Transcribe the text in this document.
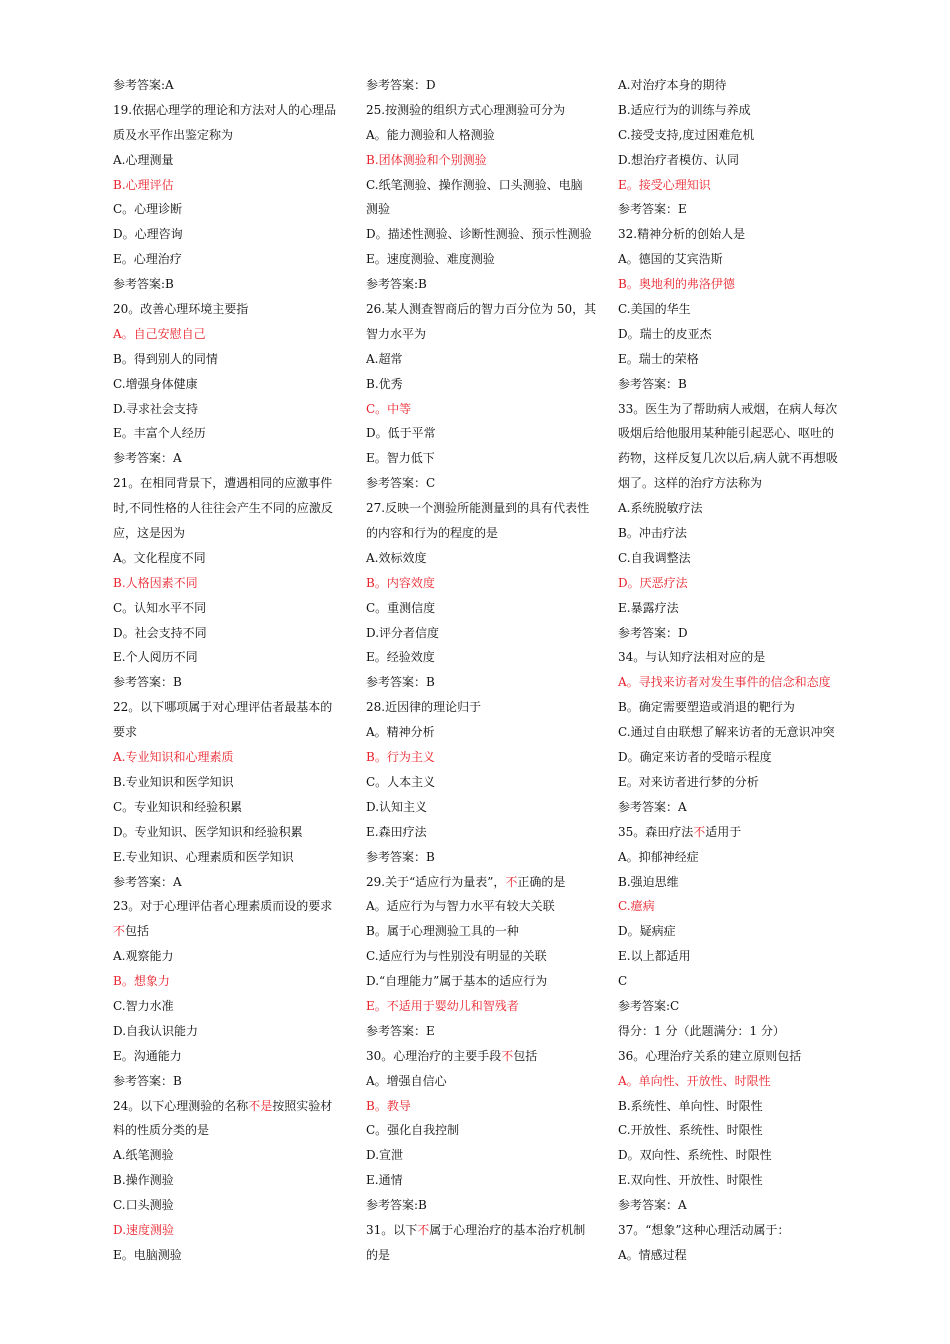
参考答案:A
19.依据心理学的理论和方法对人的心理品
质及水平作出鉴定称为
A.心理测量
B.心理评估
C。心理诊断
D。心理咨询
E。心理治疗
参考答案:B
20。改善心理环境主要指
A。自己安慰自己
B。得到别人的同情
C.增强身体健康
D.寻求社会支持
E。丰富个人经历
参考答案：A
21。在相同背景下，遭遇相同的应激事件
时,不同性格的人往往会产生不同的应激反
应，这是因为
A。文化程度不同
B.人格因素不同
C。认知水平不同
D。社会支持不同
E.个人阅历不同
参考答案：B
22。以下哪项属于对心理评估者最基本的
要求
A.专业知识和心理素质
B.专业知识和医学知识
C。专业知识和经验积累
D。专业知识、医学知识和经验积累
E.专业知识、心理素质和医学知识
参考答案：A
23。对于心理评估者心理素质而设的要求
不包括
A.观察能力
B。想象力
C.智力水准
D.自我认识能力
E。沟通能力
参考答案：B
24。以下心理测验的名称不是按照实验材
料的性质分类的是
A.纸笔测验
B.操作测验
C.口头测验
D.速度测验
E。电脑测验
参考答案：D
25.按测验的组织方式心理测验可分为
A。能力测验和人格测验
B.团体测验和个别测验
C.纸笔测验、操作测验、口头测验、电脑
测验
D。描述性测验、诊断性测验、预示性测验
E。速度测验、难度测验
参考答案:B
26.某人测查智商后的智力百分位为 50，其
智力水平为
A.超常
B.优秀
C。中等
D。低于平常
E。智力低下
参考答案：C
27.反映一个测验所能测量到的具有代表性
的内容和行为的程度的是
A.效标效度
B。内容效度
C。重测信度
D.评分者信度
E。经验效度
参考答案：B
28.近因律的理论归于
A。精神分析
B。行为主义
C。人本主义
D.认知主义
E.森田疗法
参考答案：B
29.关于“适应行为量表”，不正确的是
A。适应行为与智力水平有较大关联
B。属于心理测验工具的一种
C.适应行为与性别没有明显的关联
D.“自理能力”属于基本的适应行为
E。不适用于婴幼儿和智残者
参考答案：E
30。心理治疗的主要手段不包括
A。增强自信心
B。教导
C。强化自我控制
D.宣泄
E.通情
参考答案:B
31。以下不属于心理治疗的基本治疗机制
的是
A.对治疗本身的期待
B.适应行为的训练与养成
C.接受支持,度过困难危机
D.想治疗者模仿、认同
E。接受心理知识
参考答案：E
32.精神分析的创始人是
A。德国的艾宾浩斯
B。奥地利的弗洛伊德
C.美国的华生
D。瑞士的皮亚杰
E。瑞士的荣格
参考答案：B
33。医生为了帮助病人戒烟，在病人每次
吸烟后给他服用某种能引起恶心、呕吐的
药物，这样反复几次以后,病人就不再想吸
烟了。这样的治疗方法称为
A.系统脱敏疗法
B。冲击疗法
C.自我调整法
D。厌恶疗法
E.暴露疗法
参考答案：D
34。与认知疗法相对应的是
A。寻找来访者对发生事件的信念和态度
B。确定需要塑造或消退的靶行为
C.通过自由联想了解来访者的无意识冲突
D。确定来访者的受暗示程度
E。对来访者进行梦的分析
参考答案：A
35。森田疗法不适用于
A。抑郁神经症
B.强迫思维
C.癔病
D。疑病症
E.以上都适用
C
参考答案:C
得分：1 分（此题满分：1 分）
36。心理治疗关系的建立原则包括
A。单向性、开放性、时限性
B.系统性、单向性、时限性
C.开放性、系统性、时限性
D。双向性、系统性、时限性
E.双向性、开放性、时限性
参考答案：A
37。“想象”这种心理活动属于：
A。情感过程
